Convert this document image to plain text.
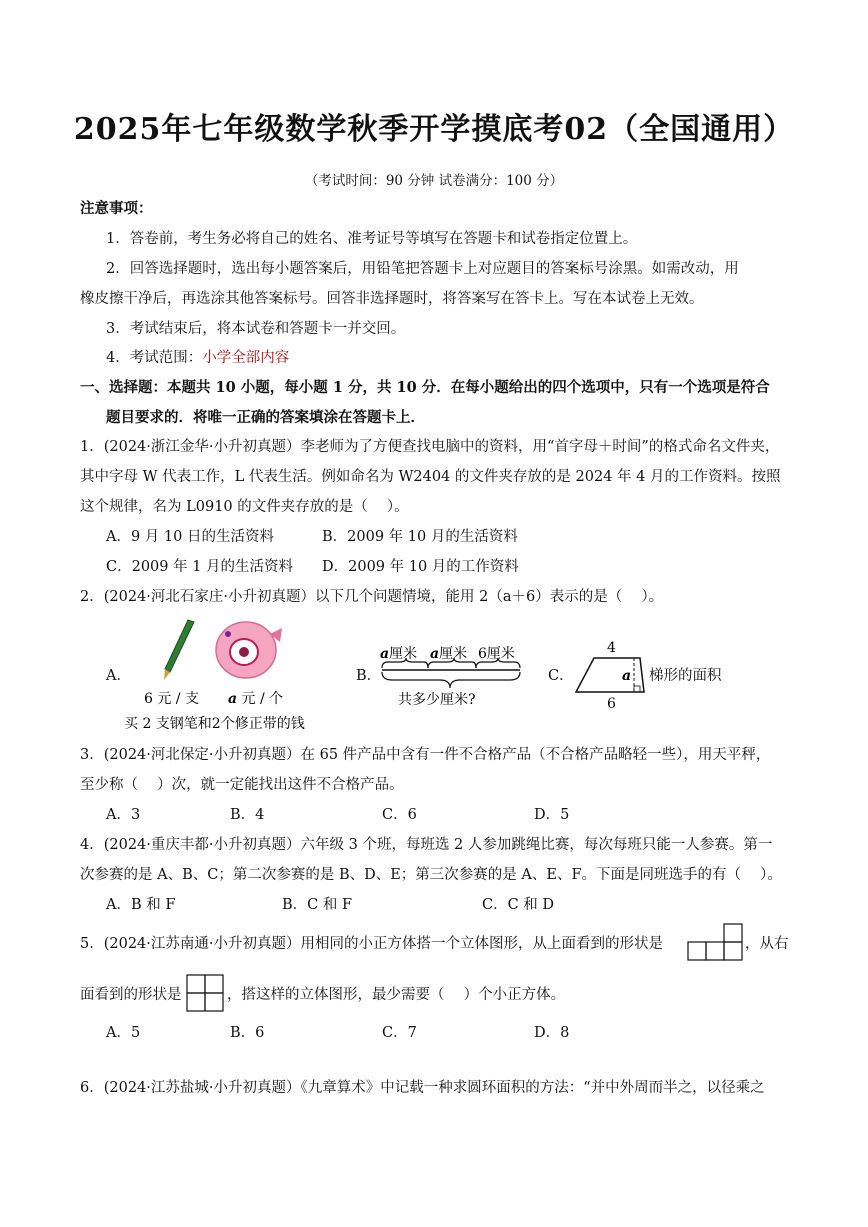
2025年七年级数学秋季开学摸底考02（全国通用）
（考试时间：90 分钟 试卷满分：100 分）
注意事项：
1．答卷前，考生务必将自己的姓名、准考证号等填写在答题卡和试卷指定位置上。
2．回答选择题时，选出每小题答案后，用铅笔把答题卡上对应题目的答案标号涂黑。如需改动，用
橡皮擦干净后，再选涂其他答案标号。回答非选择题时，将答案写在答卡上。写在本试卷上无效。
3．考试结束后，将本试卷和答题卡一并交回。
4．考试范围：小学全部内容
一、选择题：本题共 10 小题，每小题 1 分，共 10 分．在每小题给出的四个选项中，只有一个选项是符合
题目要求的．将唯一正确的答案填涂在答题卡上．
1．(2024·浙江金华·小升初真题）李老师为了方便查找电脑中的资料，用“首字母＋时间”的格式命名文件夹，
其中字母 W 代表工作，L 代表生活。例如命名为 W2404 的文件夹存放的是 2024 年 4 月的工作资料。按照
这个规律，名为 L0910 的文件夹存放的是（　 ）。
A．9 月 10 日的生活资料	B．2009 年 10 月的生活资料
C．2009 年 1 月的生活资料 D．2009 年 10 月的工作资料
2．(2024·河北石家庄·小升初真题）以下几个问题情境，能用 2（a＋6）表示的是（　 ）。
A．
6 元 / 支 a 元 / 个
买 2 支钢笔和2个修正带的钱
B．
a厘米 a厘米 6厘米
共多少厘米?
C．
4
a
6
梯形的面积
3．(2024·河北保定·小升初真题）在 65 件产品中含有一件不合格产品（不合格产品略轻一些），用天平秤，
至少称（　 ）次，就一定能找出这件不合格产品。
A．3	B．4	C．6	D．5
4．(2024·重庆丰都·小升初真题）六年级 3 个班，每班选 2 人参加跳绳比赛，每次每班只能一人参赛。第一
次参赛的是 A、B、C；第二次参赛的是 B、D、E；第三次参赛的是 A、E、F。下面是同班选手的有（　 ）。
A．B 和 F	B．C 和 F	C．C 和 D
5．(2024·江苏南通·小升初真题）用相同的小正方体搭一个立体图形，从上面看到的形状是	，从右
面看到的形状是	，搭这样的立体图形，最少需要（　 ）个小正方体。
A．5	B．6	C．7	D．8
6．(2024·江苏盐城·小升初真题）《九章算术》中记载一种求圆环面积的方法：“并中外周而半之，以径乘之
